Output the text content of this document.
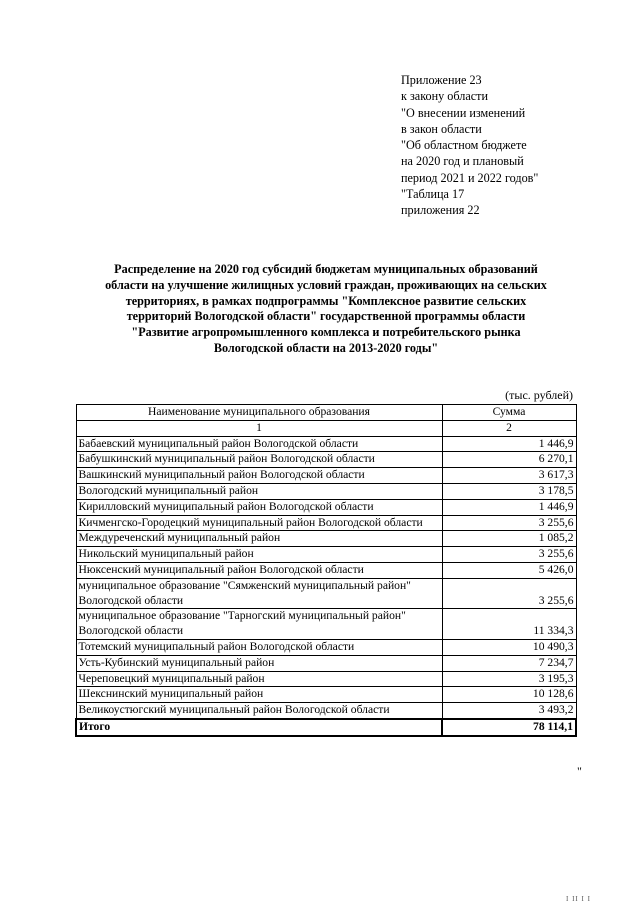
Приложение 23
к закону области
"О внесении изменений
в закон области
"Об областном бюджете
на 2020 год и плановый
период 2021 и 2022 годов"
"Таблица 17
приложения 22
Распределение на 2020 год субсидий бюджетам муниципальных образований
области на улучшение жилищных условий граждан, проживающих на сельских
территориях, в рамках подпрограммы "Комплексное развитие сельских
территорий Вологодской области" государственной программы области
"Развитие агропромышленного комплекса и потребительского рынка
Вологодской области на 2013-2020 годы"
(тыс. рублей)
Наименование муниципального образования	Сумма
1	2
Бабаевский муниципальный район Вологодской области	1 446,9
Бабушкинский муниципальный район Вологодской области	6 270,1
Вашкинский муниципальный район Вологодской области	3 617,3
Вологодский муниципальный район	3 178,5
Кирилловский муниципальный район Вологодской области	1 446,9
Кичменгско-Городецкий муниципальный район Вологодской области	3 255,6
Междуреченский муниципальный район	1 085,2
Никольский муниципальный район	3 255,6
Нюксенский муниципальный район Вологодской области	5 426,0
муниципальное образование "Сямженский муниципальный район" Вологодской области	3 255,6
муниципальное образование "Тарногский муниципальный район" Вологодской области	11 334,3
Тотемский муниципальный район Вологодской области	10 490,3
Усть-Кубинский муниципальный район	7 234,7
Череповецкий муниципальный район	3 195,3
Шекснинский муниципальный район	10 128,6
Великоустюгский муниципальный район Вологодской области	3 493,2
Итого	78 114,1
"
I II I I
